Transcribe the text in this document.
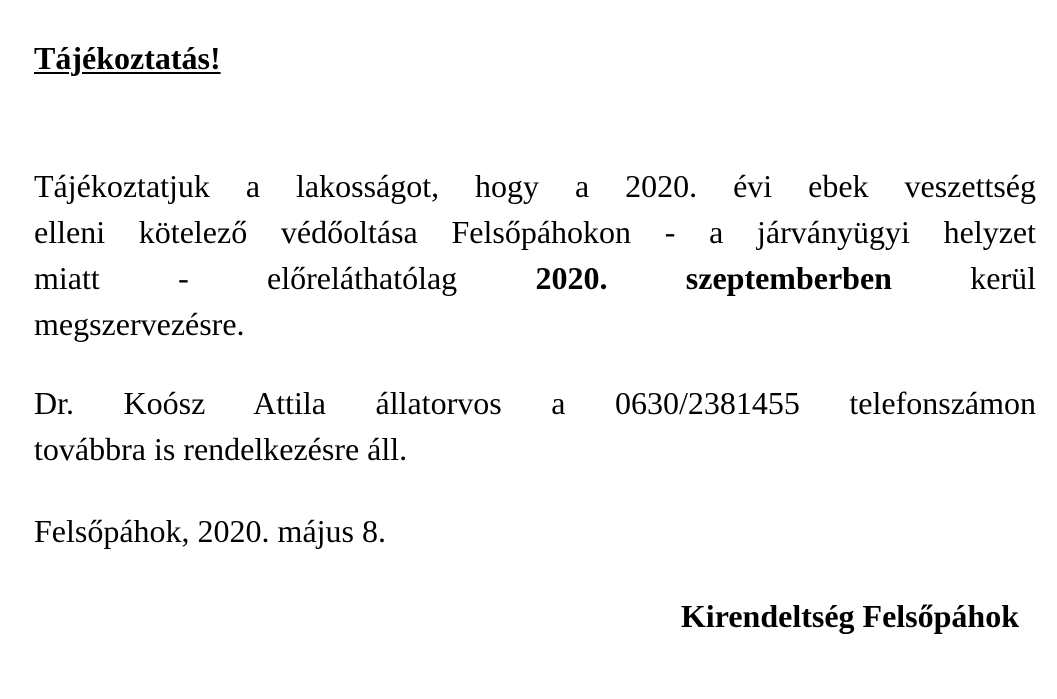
Tájékoztatás!

Tájékoztatjuk a lakosságot, hogy a 2020. évi ebek veszettség
elleni kötelező védőoltása Felsőpáhokon - a járványügyi helyzet
miatt - előreláthatólag 2020. szeptemberben kerül
megszervezésre.
Dr. Koósz Attila állatorvos a 0630/2381455 telefonszámon
továbbra is rendelkezésre áll.
Felsőpáhok, 2020. május 8.

Kirendeltség Felsőpáhok
